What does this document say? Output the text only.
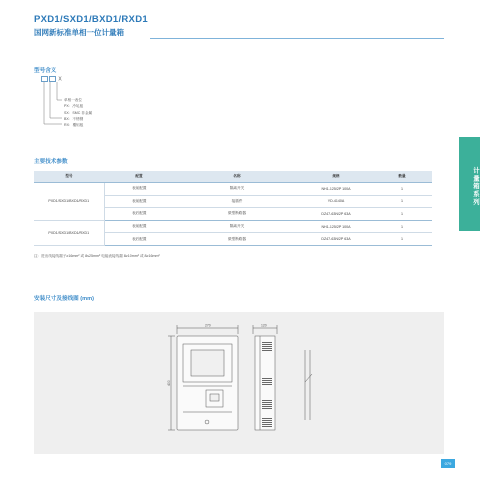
PXD1/SXD1/BXD1/RXD1
国网新标准单相一位计量箱
型号含义
X
单相一表位
PX：冷轧板
SX：SMC 非金属
BX：不锈钢
RX：覆铝板
主要技术参数
型号	配置	名称	规格	数量
PXD1/SXD1/BXD1/RXD1	表前配置	隔离开关	NH1-125/2P 100A	1
	表前配置	接插件	YD-4140A	1
	表后配置	微型断路器	DZ47-63N/2P 63A	1
PXD1/SXD1/BXD1/RXD1	表前配置	隔离开关	NH1-125/2P 100A	1
	表后配置	微型断路器	DZ47-63N/2P 63A	1
注：进出线接线端子≥16mm² 或 8≤25mm² 电能表接线端 8≥10mm² 或 8≥16mm²
安装尺寸及接线图 (mm)
270	120
400
计量箱系列
079
